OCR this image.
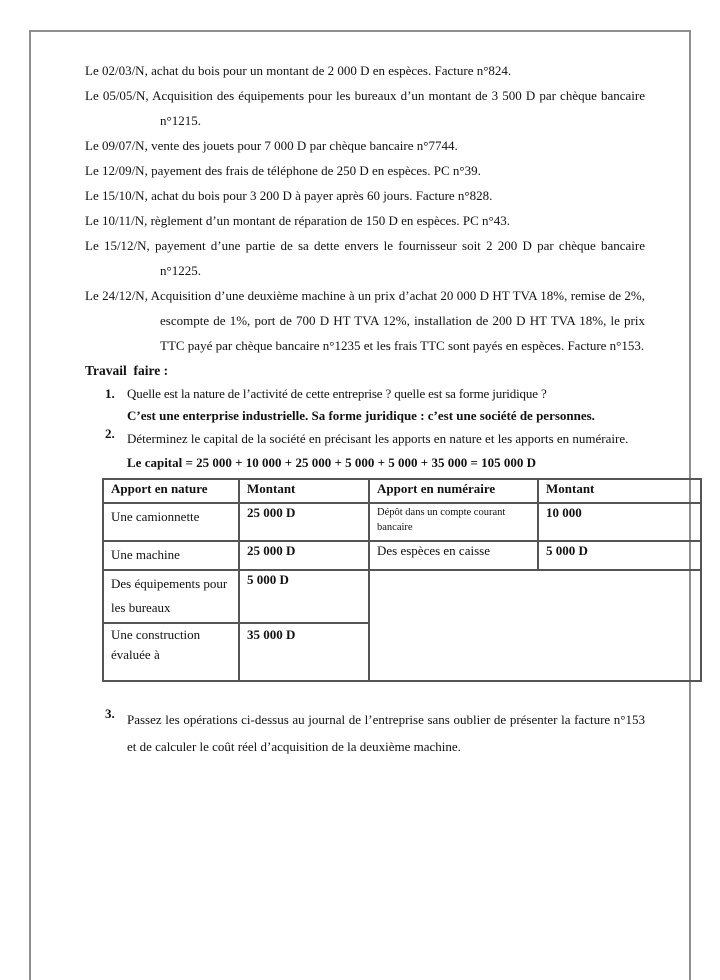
Le 02/03/N, achat du bois pour un montant de 2 000 D en espèces. Facture n°824.

Le 05/05/N, Acquisition des équipements pour les bureaux d’un montant de 3 500 D par chèque bancaire n°1215.

Le 09/07/N, vente des jouets pour 7 000 D par chèque bancaire n°7744.

Le 12/09/N, payement des frais de téléphone de 250 D en espèces. PC n°39.

Le 15/10/N, achat du bois pour 3 200 D à payer après 60 jours. Facture n°828.

Le 10/11/N, règlement d’un montant de réparation de 150 D en espèces. PC n°43.

Le 15/12/N, payement d’une partie de sa dette envers le fournisseur soit 2 200 D par chèque bancaire n°1225.

Le 24/12/N, Acquisition d’une deuxième machine à un prix d’achat 20 000 D HT TVA 18%, remise de 2%, escompte de 1%, port de 700 D HT TVA 12%, installation de 200 D HT TVA 18%, le prix TTC payé par chèque bancaire n°1235 et les frais TTC sont payés en espèces. Facture n°153.

Travail  faire :
1. Quelle est la nature de l’activité de cette entreprise ? quelle est sa forme juridique ?
C’est une enterprise industrielle. Sa forme juridique : c’est une société de personnes.
2. Déterminez le capital de la société en précisant les apports en nature et les apports en numéraire.
Le capital = 25 000 + 10 000 + 25 000 + 5 000 + 5 000 + 35 000 = 105 000 D
Apport en nature	Montant	Apport en numéraire	Montant
Une camionnette	25 000 D	Dépôt dans un compte courant bancaire	10 000
Une machine	25 000 D	Des espèces en caisse	5 000 D
Des équipements pour les bureaux	5 000 D		
Une construction évaluée à	35 000 D		
3. Passez les opérations ci-dessus au journal de l’entreprise sans oublier de présenter la facture n°153 et de calculer le coût réel d’acquisition de la deuxième machine.
